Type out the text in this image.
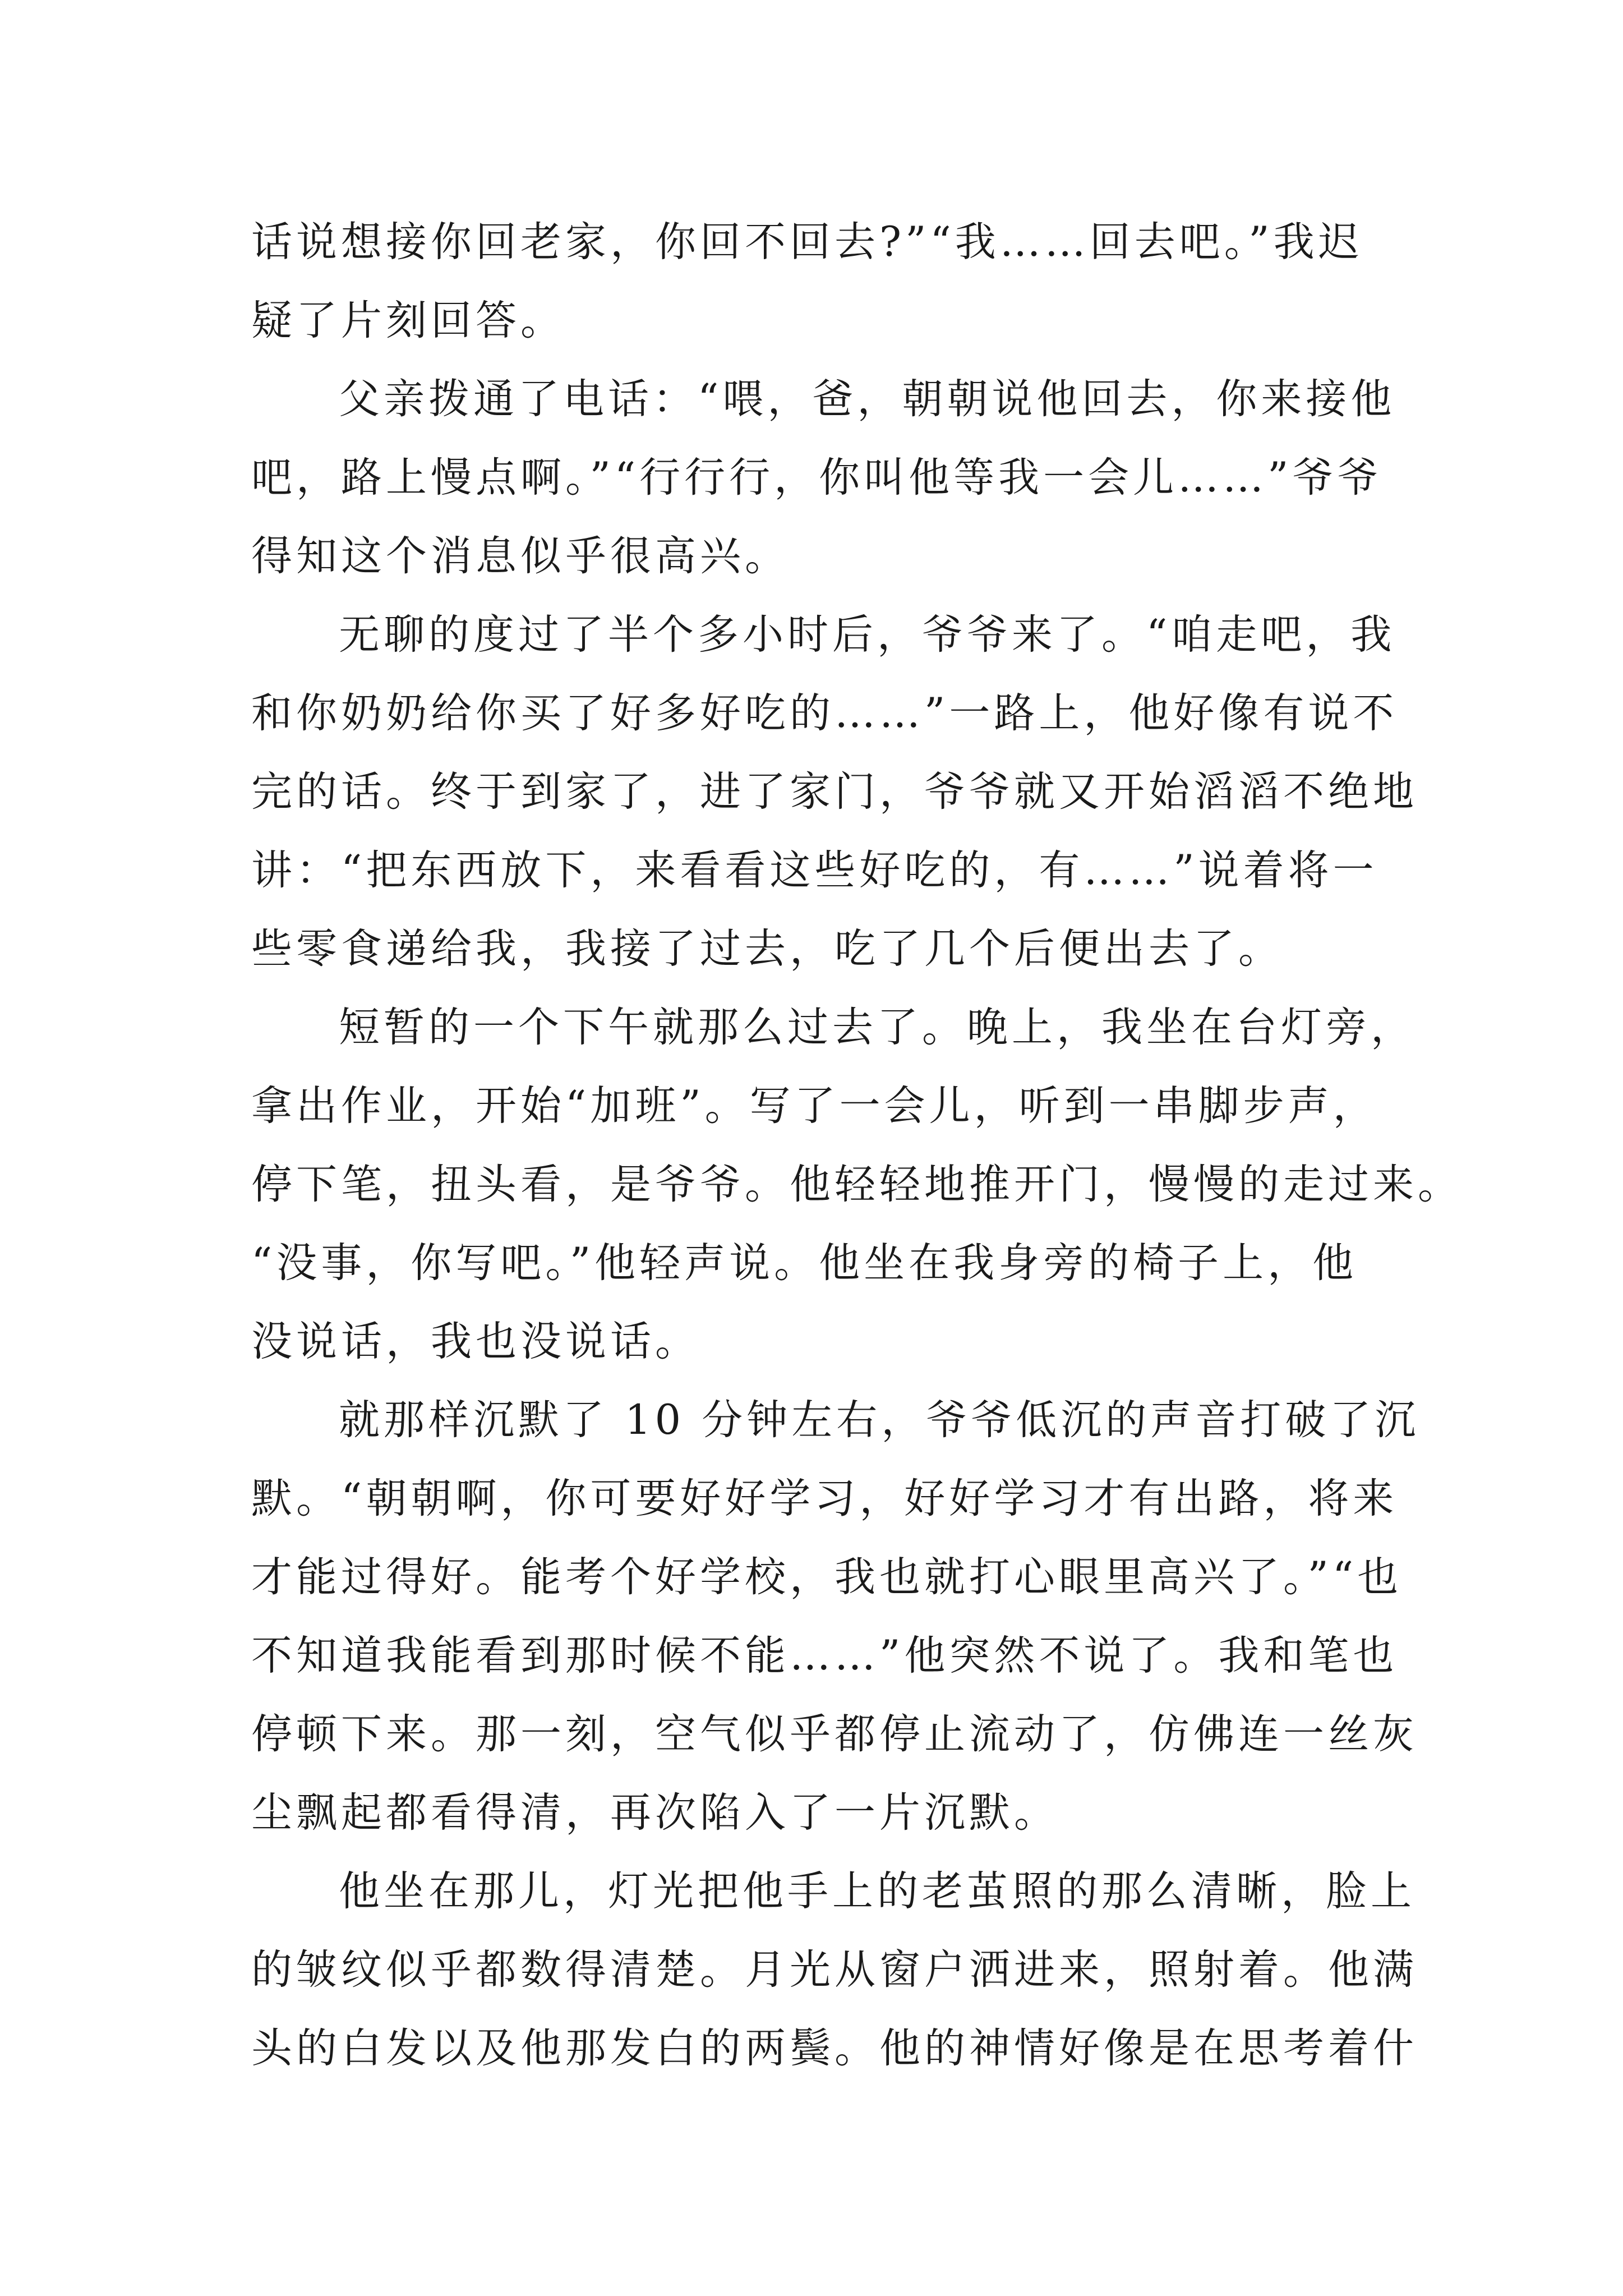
话说想接你回老家，你回不回去?”“我……回去吧。”我迟
疑了片刻回答。
父亲拨通了电话：“喂，爸，朝朝说他回去，你来接他
吧，路上慢点啊。”“行行行，你叫他等我一会儿……”爷爷
得知这个消息似乎很高兴。
无聊的度过了半个多小时后，爷爷来了。“咱走吧，我
和你奶奶给你买了好多好吃的……”一路上，他好像有说不
完的话。终于到家了，进了家门，爷爷就又开始滔滔不绝地
讲：“把东西放下，来看看这些好吃的，有……”说着将一
些零食递给我，我接了过去，吃了几个后便出去了。
短暂的一个下午就那么过去了。晚上，我坐在台灯旁，
拿出作业，开始“加班”。写了一会儿，听到一串脚步声，
停下笔，扭头看，是爷爷。他轻轻地推开门，慢慢的走过来。
“没事，你写吧。”他轻声说。他坐在我身旁的椅子上，他
没说话，我也没说话。
就那样沉默了 10 分钟左右，爷爷低沉的声音打破了沉
默。“朝朝啊，你可要好好学习，好好学习才有出路，将来
才能过得好。能考个好学校，我也就打心眼里高兴了。”“也
不知道我能看到那时候不能……”他突然不说了。我和笔也
停顿下来。那一刻，空气似乎都停止流动了，仿佛连一丝灰
尘飘起都看得清，再次陷入了一片沉默。
他坐在那儿，灯光把他手上的老茧照的那么清晰，脸上
的皱纹似乎都数得清楚。月光从窗户洒进来，照射着。他满
头的白发以及他那发白的两鬓。他的神情好像是在思考着什
